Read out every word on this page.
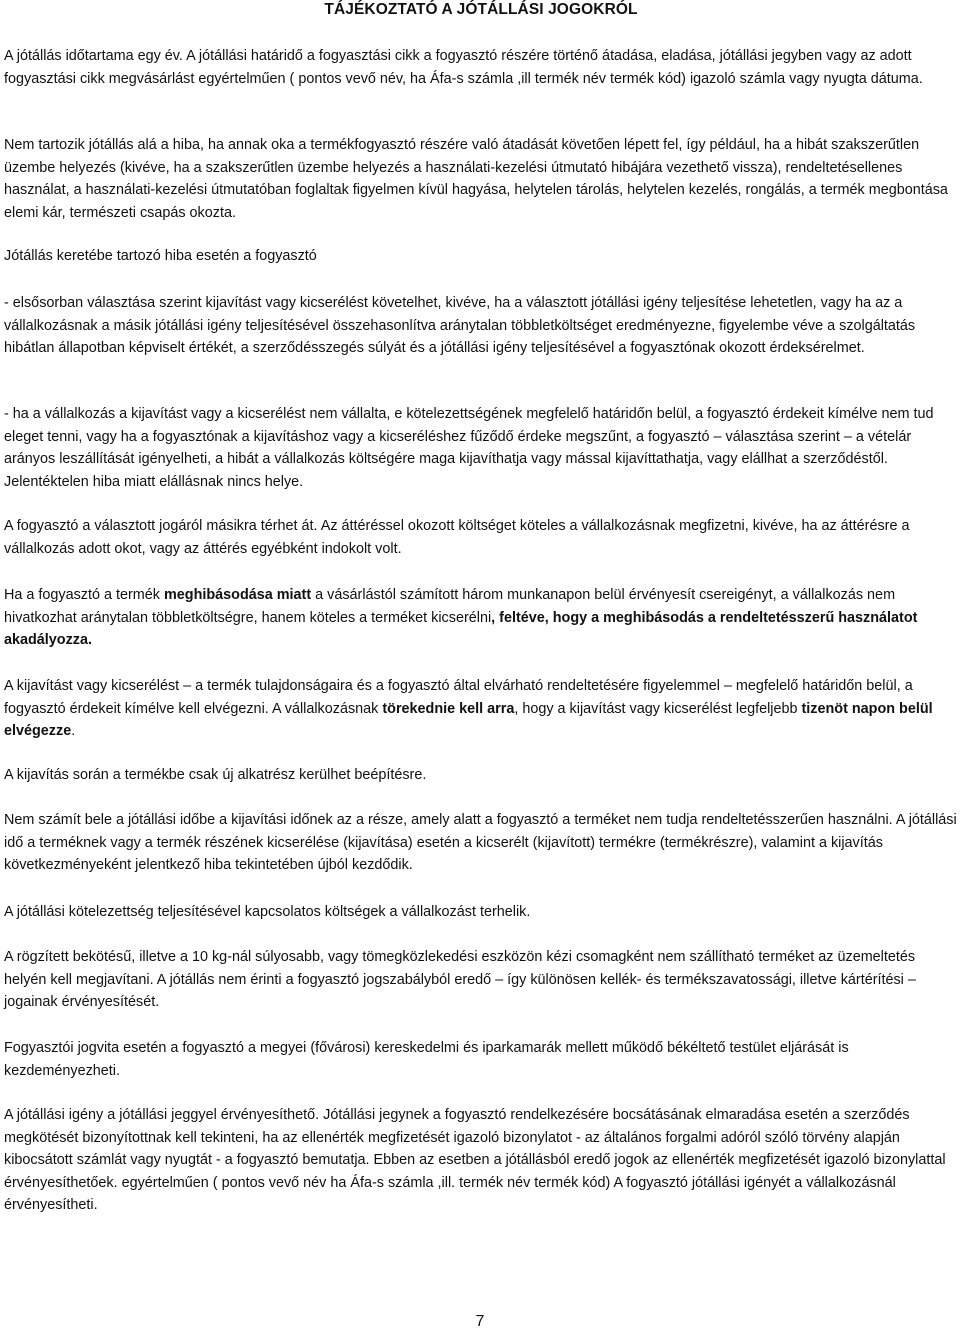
TÁJÉKOZTATÓ A JÓTÁLLÁSI JOGOKRÓL

A jótállás időtartama egy év. A jótállási határidő a fogyasztási cikk a fogyasztó részére történő átadása, eladása, jótállási jegyben vagy az adott fogyasztási cikk megvásárlást egyértelműen ( pontos vevő név, ha Áfa-s számla ,ill termék név termék kód) igazoló számla vagy nyugta dátuma.

Nem tartozik jótállás alá a hiba, ha annak oka a termékfogyasztó részére való átadását követően lépett fel, így például, ha a hibát szakszerűtlen üzembe helyezés (kivéve, ha a szakszerűtlen üzembe helyezés a használati-kezelési útmutató hibájára vezethető vissza), rendeltetésellenes használat, a használati-kezelési útmutatóban foglaltak figyelmen kívül hagyása, helytelen tárolás, helytelen kezelés, rongálás, a termék megbontása elemi kár, természeti csapás okozta.

Jótállás keretébe tartozó hiba esetén a fogyasztó

- elsősorban választása szerint kijavítást vagy kicserélést követelhet, kivéve, ha a választott jótállási igény teljesítése lehetetlen, vagy ha az a vállalkozásnak a másik jótállási igény teljesítésével összehasonlítva aránytalan többletköltséget eredményezne, figyelembe véve a szolgáltatás hibátlan állapotban képviselt értékét, a szerződésszegés súlyát és a jótállási igény teljesítésével a fogyasztónak okozott érdeksérelmet.

- ha a vállalkozás a kijavítást vagy a kicserélést nem vállalta, e kötelezettségének megfelelő határidőn belül, a fogyasztó érdekeit kímélve nem tud eleget tenni, vagy ha a fogyasztónak a kijavításhoz vagy a kicseréléshez fűződő érdeke megszűnt, a fogyasztó – választása szerint – a vételár arányos leszállítását igényelheti, a hibát a vállalkozás költségére maga kijavíthatja vagy mással kijavíttathatja, vagy elállhat a szerződéstől. Jelentéktelen hiba miatt elállásnak nincs helye.

A fogyasztó a választott jogáról másikra térhet át. Az áttéréssel okozott költséget köteles a vállalkozásnak megfizetni, kivéve, ha az áttérésre a vállalkozás adott okot, vagy az áttérés egyébként indokolt volt.

Ha a fogyasztó a termék meghibásodása miatt a vásárlástól számított három munkanapon belül érvényesít csereigényt, a vállalkozás nem hivatkozhat aránytalan többletköltségre, hanem köteles a terméket kicserélni, feltéve, hogy a meghibásodás a rendeltetésszerű használatot akadályozza.

A kijavítást vagy kicserélést – a termék tulajdonságaira és a fogyasztó által elvárható rendeltetésére figyelemmel – megfelelő határidőn belül, a fogyasztó érdekeit kímélve kell elvégezni. A vállalkozásnak törekednie kell arra, hogy a kijavítást vagy kicserélést legfeljebb tizenöt napon belül elvégezze.

A kijavítás során a termékbe csak új alkatrész kerülhet beépítésre.

Nem számít bele a jótállási időbe a kijavítási időnek az a része, amely alatt a fogyasztó a terméket nem tudja rendeltetésszerűen használni. A jótállási idő a terméknek vagy a termék részének kicserélése (kijavítása) esetén a kicserélt (kijavított) termékre (termékrészre), valamint a kijavítás következményeként jelentkező hiba tekintetében újból kezdődik.

A jótállási kötelezettség teljesítésével kapcsolatos költségek a vállalkozást terhelik.

A rögzített bekötésű, illetve a 10 kg-nál súlyosabb, vagy tömegközlekedési eszközön kézi csomagként nem szállítható terméket az üzemeltetés helyén kell megjavítani. A jótállás nem érinti a fogyasztó jogszabályból eredő – így különösen kellék- és termékszavatossági, illetve kártérítési – jogainak érvényesítését.

Fogyasztói jogvita esetén a fogyasztó a megyei (fővárosi) kereskedelmi és iparkamarák mellett működő békéltető testület eljárását is kezdeményezheti.

A jótállási igény a jótállási jeggyel érvényesíthető. Jótállási jegynek a fogyasztó rendelkezésére bocsátásának elmaradása esetén a szerződés megkötését bizonyítottnak kell tekinteni, ha az ellenérték megfizetését igazoló bizonylatot - az általános forgalmi adóról szóló törvény alapján kibocsátott számlát vagy nyugtát - a fogyasztó bemutatja. Ebben az esetben a jótállásból eredő jogok az ellenérték megfizetését igazoló bizonylattal érvényesíthetőek. egyértelműen ( pontos vevő név ha Áfa-s számla ,ill. termék név termék kód) A fogyasztó jótállási igényét a vállalkozásnál érvényesítheti.

7
